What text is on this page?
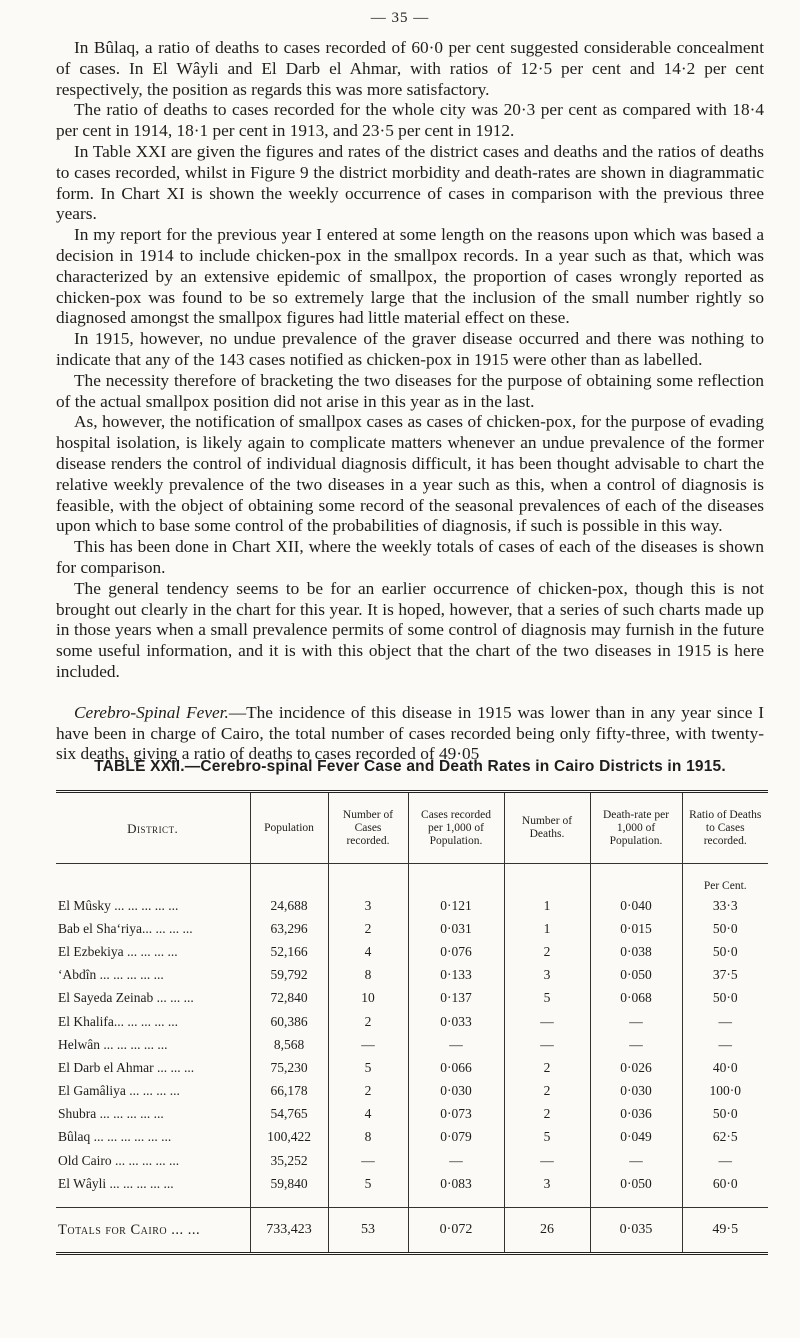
— 35 —

In Bûlaq, a ratio of deaths to cases recorded of 60·0 per cent suggested considerable concealment of cases. In El Wâyli and El Darb el Ahmar, with ratios of 12·5 per cent and 14·2 per cent respectively, the position as regards this was more satisfactory.

The ratio of deaths to cases recorded for the whole city was 20·3 per cent as compared with 18·4 per cent in 1914, 18·1 per cent in 1913, and 23·5 per cent in 1912.

In Table XXI are given the figures and rates of the district cases and deaths and the ratios of deaths to cases recorded, whilst in Figure 9 the district morbidity and death-rates are shown in diagrammatic form. In Chart XI is shown the weekly occurrence of cases in comparison with the previous three years.

In my report for the previous year I entered at some length on the reasons upon which was based a decision in 1914 to include chicken-pox in the smallpox records. In a year such as that, which was characterized by an extensive epidemic of smallpox, the proportion of cases wrongly reported as chicken-pox was found to be so extremely large that the inclusion of the small number rightly so diagnosed amongst the smallpox figures had little material effect on these.

In 1915, however, no undue prevalence of the graver disease occurred and there was nothing to indicate that any of the 143 cases notified as chicken-pox in 1915 were other than as labelled.

The necessity therefore of bracketing the two diseases for the purpose of obtaining some reflection of the actual smallpox position did not arise in this year as in the last.

As, however, the notification of smallpox cases as cases of chicken-pox, for the purpose of evading hospital isolation, is likely again to complicate matters whenever an undue prevalence of the former disease renders the control of individual diagnosis difficult, it has been thought advisable to chart the relative weekly prevalence of the two diseases in a year such as this, when a control of diagnosis is feasible, with the object of obtaining some record of the seasonal prevalences of each of the diseases upon which to base some control of the probabilities of diagnosis, if such is possible in this way.

This has been done in Chart XII, where the weekly totals of cases of each of the diseases is shown for comparison.

The general tendency seems to be for an earlier occurrence of chicken-pox, though this is not brought out clearly in the chart for this year. It is hoped, however, that a series of such charts made up in those years when a small prevalence permits of some control of diagnosis may furnish in the future some useful information, and it is with this object that the chart of the two diseases in 1915 is here included.

Cerebro-Spinal Fever.—The incidence of this disease in 1915 was lower than in any year since I have been in charge of Cairo, the total number of cases recorded being only fifty-three, with twenty-six deaths, giving a ratio of deaths to cases recorded of 49·05

TABLE XXII.—Cerebro-spinal Fever Case and Death Rates in Cairo Districts in 1915.
District.	Population	Number of Cases recorded.	Cases recorded per 1,000 of Population.	Number of Deaths.	Death-rate per 1,000 of Population.	Ratio of Deaths to Cases recorded.
						Per Cent.
El Mûsky ... ... ... ... ...	24,688	3	0·121	1	0·040	33·3
Bab el Sha‘riya... ... ... ...	63,296	2	0·031	1	0·015	50·0
El Ezbekiya ... ... ... ...	52,166	4	0·076	2	0·038	50·0
‘Abdîn ... ... ... ... ...	59,792	8	0·133	3	0·050	37·5
El Sayeda Zeinab ... ... ...	72,840	10	0·137	5	0·068	50·0
El Khalifa... ... ... ... ...	60,386	2	0·033	—	—	—
Helwân ... ... ... ... ...	8,568	—	—	—	—	—
El Darb el Ahmar ... ... ...	75,230	5	0·066	2	0·026	40·0
El Gamâliya ... ... ... ...	66,178	2	0·030	2	0·030	100·0
Shubra ... ... ... ... ...	54,765	4	0·073	2	0·036	50·0
Bûlaq ... ... ... ... ... ...	100,422	8	0·079	5	0·049	62·5
Old Cairo ... ... ... ... ...	35,252	—	—	—	—	—
El Wâyli ... ... ... ... ...	59,840	5	0·083	3	0·050	60·0

Totals for Cairo ... ...	733,423	53	0·072	26	0·035	49·5
